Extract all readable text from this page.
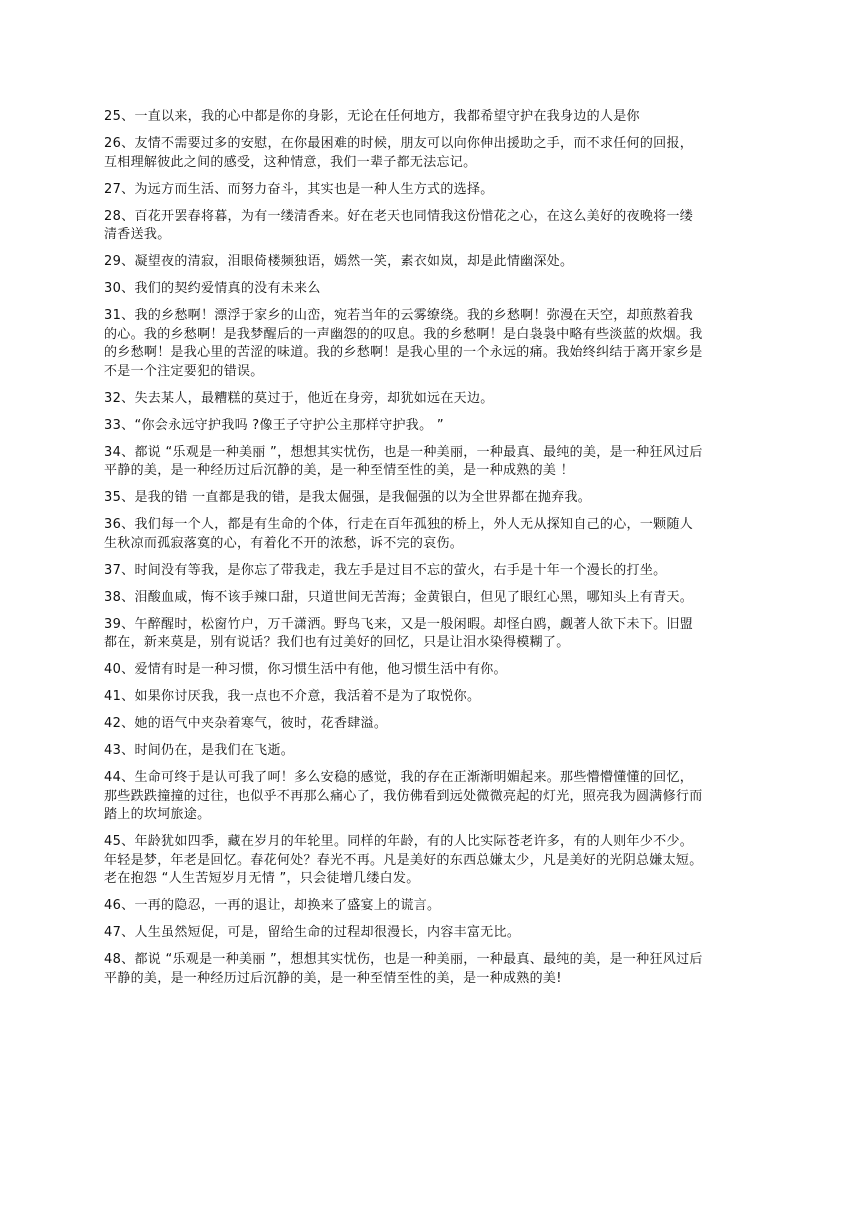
25、一直以来，我的心中都是你的身影，无论在任何地方，我都希望守护在我身边的人是你

26、友情不需要过多的安慰，在你最困难的时候，朋友可以向你伸出援助之手，而不求任何的回报，互相理解彼此之间的感受，这种情意，我们一辈子都无法忘记。

27、为远方而生活、而努力奋斗，其实也是一种人生方式的选择。

28、百花开罢春将暮，为有一缕清香来。好在老天也同情我这份惜花之心，在这么美好的夜晚将一缕清香送我。

29、凝望夜的清寂，泪眼倚楼频独语，嫣然一笑，素衣如岚，却是此情幽深处。

30、我们的契约爱情真的没有未来么

31、我的乡愁啊！漂浮于家乡的山峦，宛若当年的云雾缭绕。我的乡愁啊！弥漫在天空，却煎熬着我的心。我的乡愁啊！是我梦醒后的一声幽怨的的叹息。我的乡愁啊！是白袅袅中略有些淡蓝的炊烟。我的乡愁啊！是我心里的苦涩的味道。我的乡愁啊！是我心里的一个永远的痛。我始终纠结于离开家乡是不是一个注定要犯的错误。

32、失去某人，最糟糕的莫过于，他近在身旁，却犹如远在天边。

33、“你会永远守护我吗 ?像王子守护公主那样守护我。 ”

34、都说 “乐观是一种美丽 ”，想想其实忧伤，也是一种美丽，一种最真、最纯的美，是一种狂风过后平静的美，是一种经历过后沉静的美，是一种至情至性的美，是一种成熟的美 ！

35、是我的错 一直都是我的错，是我太倔强，是我倔强的以为全世界都在抛弃我。

36、我们每一个人，都是有生命的个体，行走在百年孤独的桥上，外人无从探知自己的心，一颗随人生秋凉而孤寂落寞的心，有着化不开的浓愁，诉不完的哀伤。

37、时间没有等我，是你忘了带我走，我左手是过目不忘的萤火，右手是十年一个漫长的打坐。

38、泪酸血咸，悔不该手辣口甜，只道世间无苦海；金黄银白，但见了眼红心黑，哪知头上有青天。

39、午醉醒时，松窗竹户，万千潇洒。野鸟飞来，又是一般闲暇。却怪白鸥，觑著人欲下未下。旧盟都在，新来莫是，别有说话？我们也有过美好的回忆，只是让泪水染得模糊了。

40、爱情有时是一种习惯，你习惯生活中有他，他习惯生活中有你。

41、如果你讨厌我，我一点也不介意，我活着不是为了取悦你。

42、她的语气中夹杂着寒气，彼时，花香肆溢。

43、时间仍在，是我们在飞逝。

44、生命可终于是认可我了呵！多么安稳的感觉，我的存在正渐渐明媚起来。那些懵懵懂懂的回忆，那些跌跌撞撞的过往，也似乎不再那么痛心了，我仿佛看到远处微微亮起的灯光，照亮我为圆满修行而踏上的坎坷旅途。

45、年龄犹如四季，藏在岁月的年轮里。同样的年龄，有的人比实际苍老许多，有的人则年少不少。年轻是梦，年老是回忆。春花何处？春光不再。凡是美好的东西总嫌太少，凡是美好的光阴总嫌太短。老在抱怨 “人生苦短岁月无情 ”，只会徒增几缕白发。

46、一再的隐忍，一再的退让，却换来了盛宴上的谎言。

47、人生虽然短促，可是，留给生命的过程却很漫长，内容丰富无比。

48、都说 “乐观是一种美丽 ”，想想其实忧伤，也是一种美丽，一种最真、最纯的美，是一种狂风过后平静的美，是一种经历过后沉静的美，是一种至情至性的美，是一种成熟的美!
